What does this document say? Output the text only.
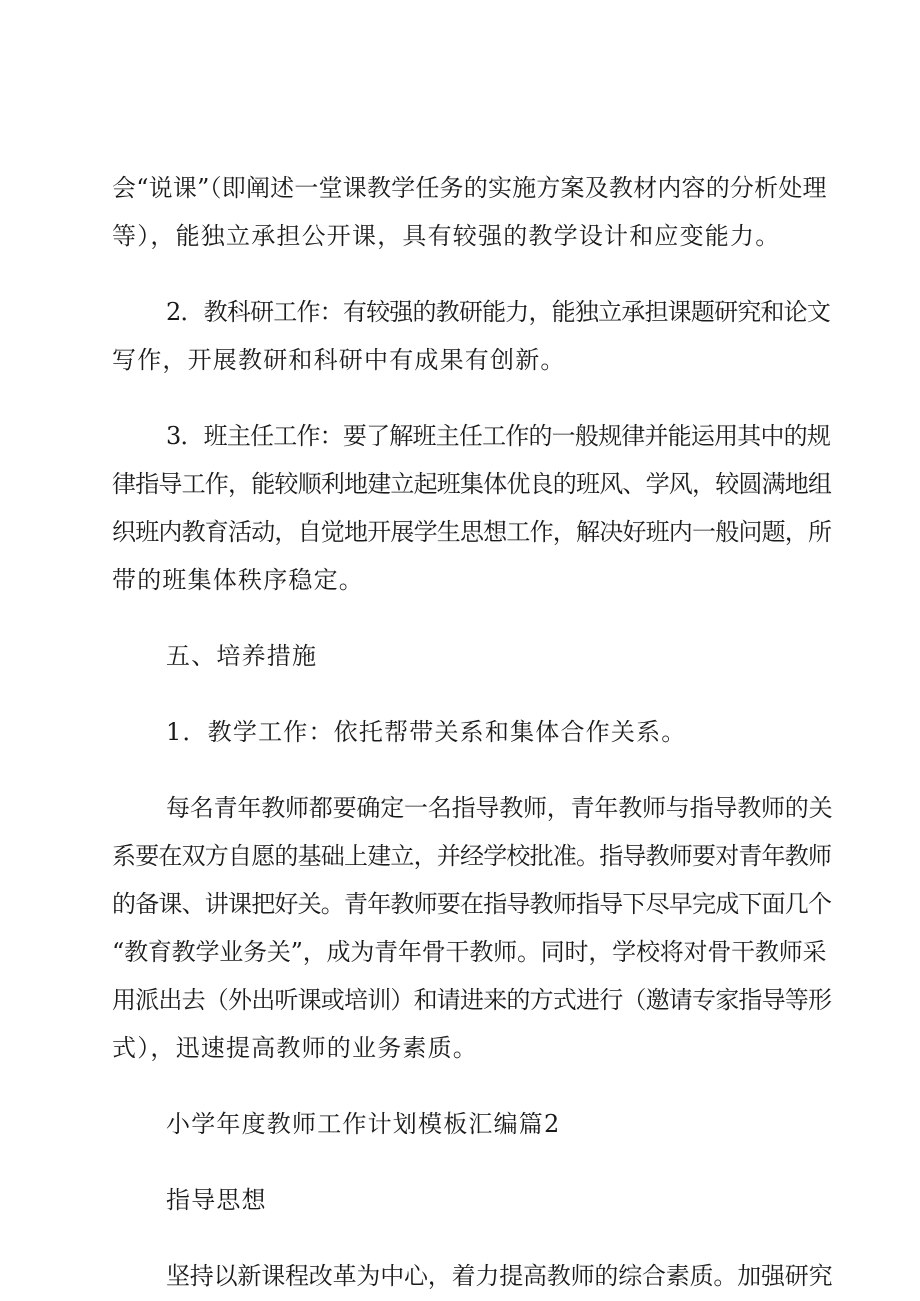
会“说课”（即阐述一堂课教学任务的实施方案及教材内容的分析处理
等），能独立承担公开课，具有较强的教学设计和应变能力。
2．教科研工作：有较强的教研能力，能独立承担课题研究和论文
写作，开展教研和科研中有成果有创新。
3．班主任工作：要了解班主任工作的一般规律并能运用其中的规
律指导工作，能较顺利地建立起班集体优良的班风、学风，较圆满地组
织班内教育活动，自觉地开展学生思想工作，解决好班内一般问题，所
带的班集体秩序稳定。
五、培养措施
1．教学工作：依托帮带关系和集体合作关系。
每名青年教师都要确定一名指导教师，青年教师与指导教师的关
系要在双方自愿的基础上建立，并经学校批准。指导教师要对青年教师
的备课、讲课把好关。青年教师要在指导教师指导下尽早完成下面几个
“教育教学业务关”，成为青年骨干教师。同时，学校将对骨干教师采
用派出去（外出听课或培训）和请进来的方式进行（邀请专家指导等形
式），迅速提高教师的业务素质。
小学年度教师工作计划模板汇编篇2
指导思想
坚持以新课程改革为中心，着力提高教师的综合素质。加强研究
